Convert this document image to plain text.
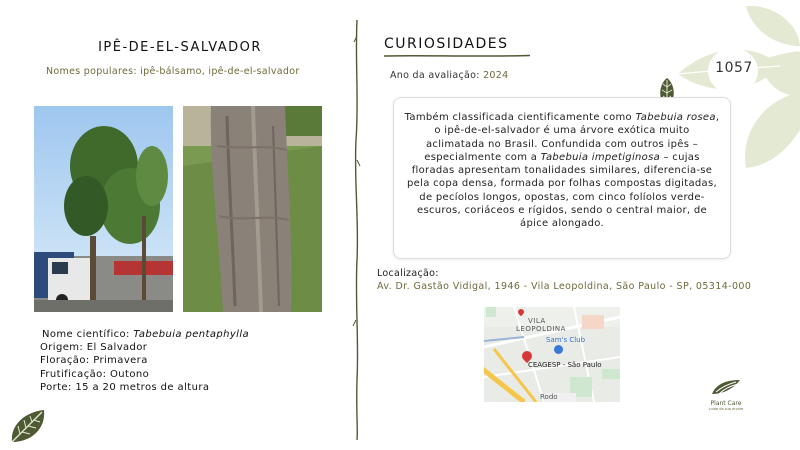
1057
IPÊ-DE-EL-SALVADOR
Nomes populares: ipê-bálsamo, ipê-de-el-salvador
Nome científico: Tabebuia pentaphylla
Origem: El Salvador
Floração: Primavera
Frutificação: Outono
Porte: 15 a 20 metros de altura
CURIOSIDADES
Ano da avaliação: 2024
Também classificada cientificamente como Tabebuia rosea, o ipê-de-el-salvador é uma árvore exótica muito aclimatada no Brasil. Confundida com outros ipês – especialmente com a Tabebuia impetiginosa – cujas floradas apresentam tonalidades similares, diferencia-se pela copa densa, formada por folhas compostas digitadas, de pecíolos longos, opostas, com cinco folíolos verde-escuros, coriáceos e rígidos, sendo o central maior, de ápice alongado.
Localização:
Av. Dr. Gastão Vidigal, 1946 - Vila Leopoldina, São Paulo - SP, 05314-000
VILA
LEOPOLDINA
Sam's Club
CEAGESP - São Paulo
Rodo
Plant Care
cuide da sua árvore
